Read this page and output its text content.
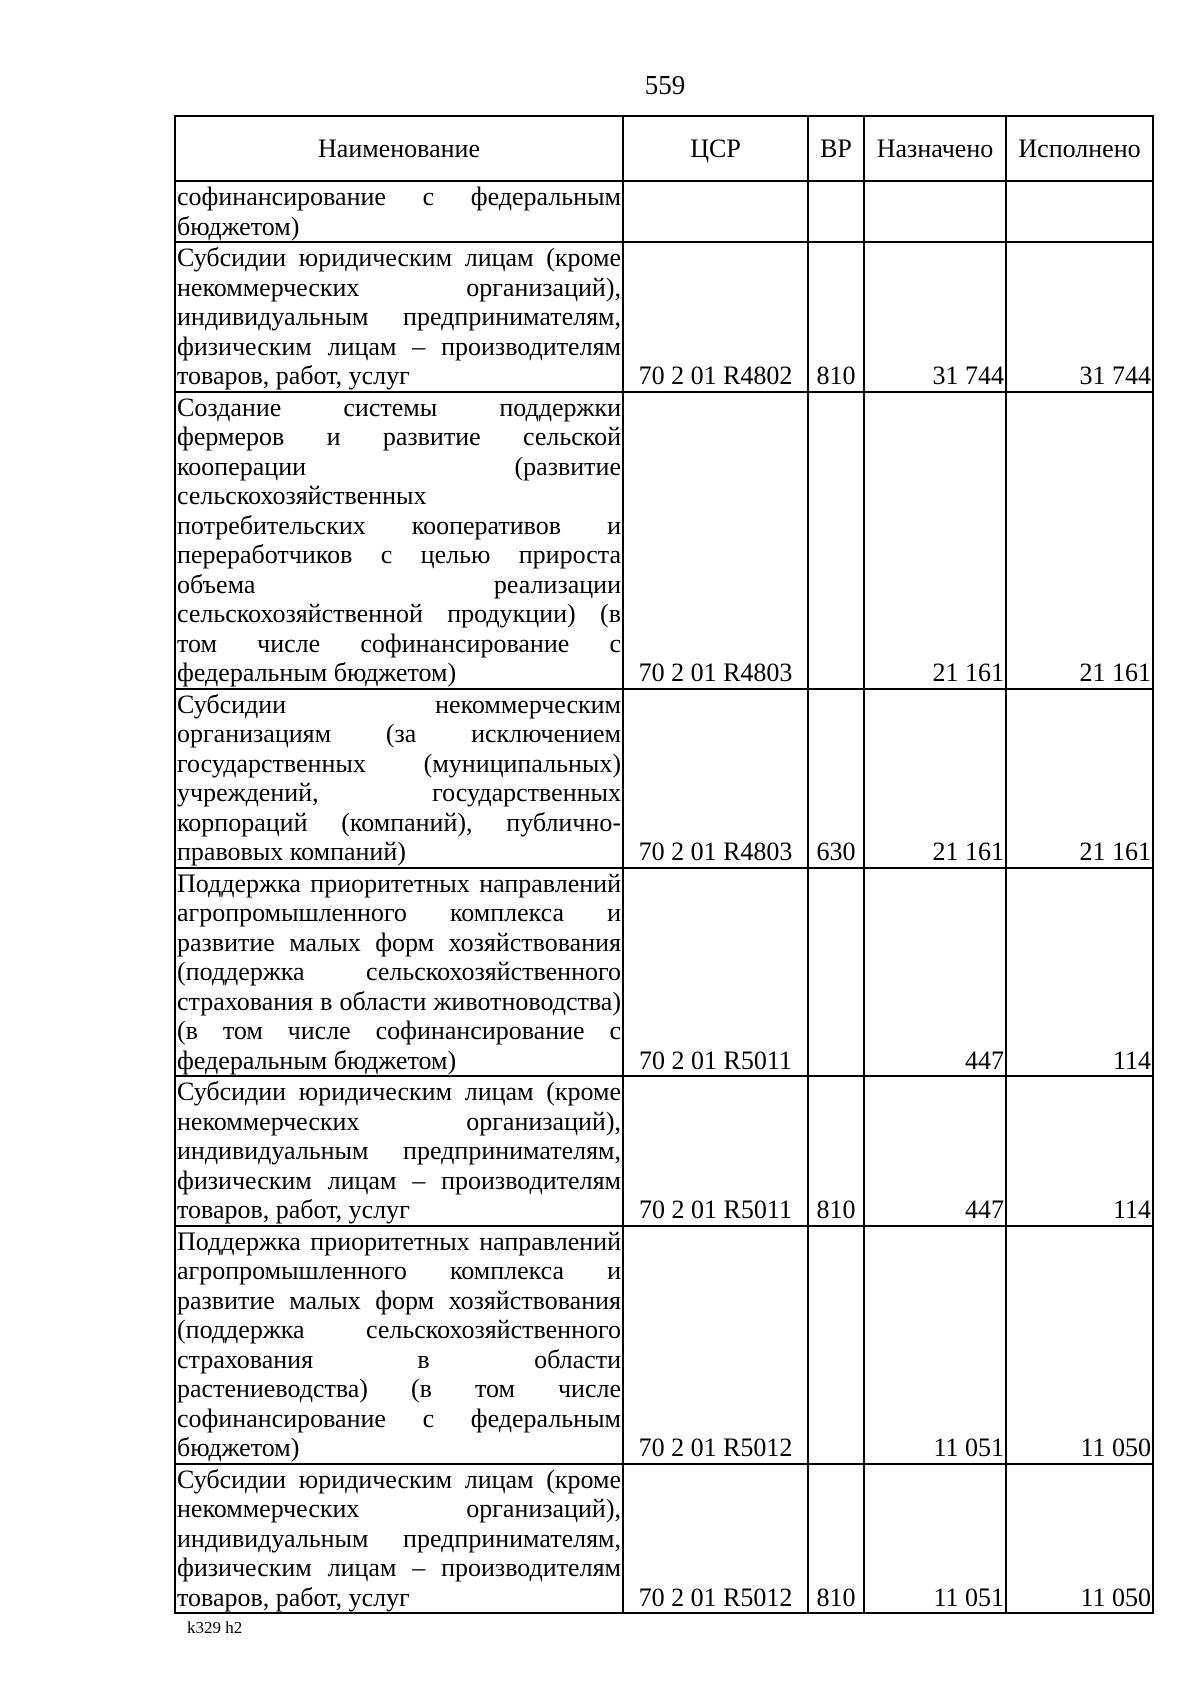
559
Наименование	ЦСР	ВР	Назначено	Исполнено
софинансирование с федеральным бюджетом)				
Субсидии юридическим лицам (кроме некоммерческих организаций), индивидуальным предпринимателям, физическим лицам – производителям товаров, работ, услуг	70 2 01 R4802	810	31 744	31 744
Создание системы поддержки фермеров и развитие сельской кооперации (развитие сельскохозяйственных потребительских кооперативов и переработчиков с целью прироста объема реализации сельскохозяйственной продукции) (в том числе софинансирование с федеральным бюджетом)	70 2 01 R4803		21 161	21 161
Субсидии некоммерческим организациям (за исключением государственных (муниципальных) учреждений, государственных корпораций (компаний), публично-правовых компаний)	70 2 01 R4803	630	21 161	21 161
Поддержка приоритетных направлений агропромышленного комплекса и развитие малых форм хозяйствования (поддержка сельскохозяйственного страхования в области животноводства) (в том числе софинансирование с федеральным бюджетом)	70 2 01 R5011		447	114
Субсидии юридическим лицам (кроме некоммерческих организаций), индивидуальным предпринимателям, физическим лицам – производителям товаров, работ, услуг	70 2 01 R5011	810	447	114
Поддержка приоритетных направлений агропромышленного комплекса и развитие малых форм хозяйствования (поддержка сельскохозяйственного страхования в области растениеводства) (в том числе софинансирование с федеральным бюджетом)	70 2 01 R5012		11 051	11 050
Субсидии юридическим лицам (кроме некоммерческих организаций), индивидуальным предпринимателям, физическим лицам – производителям товаров, работ, услуг	70 2 01 R5012	810	11 051	11 050
k329 h2
